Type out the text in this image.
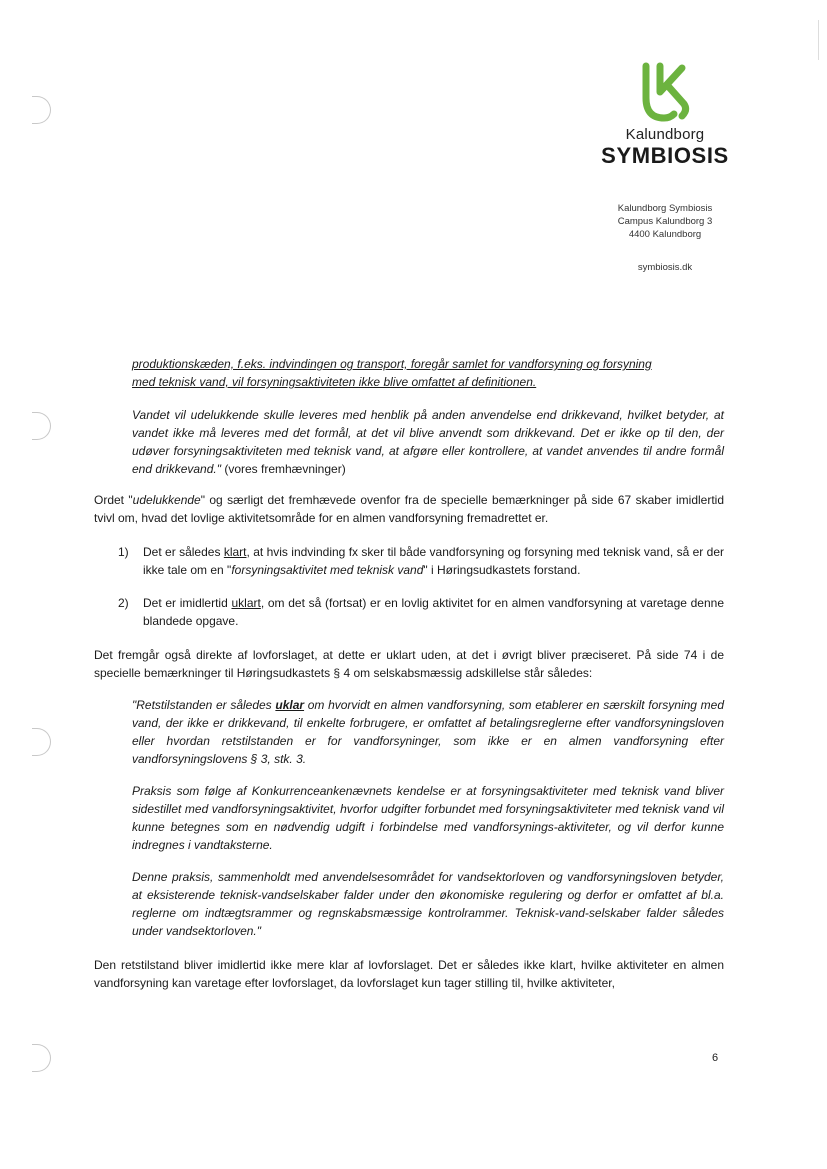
Kalundborg
SYMBIOSIS
Kalundborg Symbiosis
Campus Kalundborg 3
4400 Kalundborg
symbiosis.dk
produktionskæden, f.eks. indvindingen og transport, foregår samlet for vandforsyning og forsyning
med teknisk vand, vil forsyningsaktiviteten ikke blive omfattet af definitionen.
Vandet vil udelukkende skulle leveres med henblik på anden anvendelse end drikkevand, hvilket betyder, at vandet ikke må leveres med det formål, at det vil blive anvendt som drikkevand. Det er ikke op til den, der udøver forsyningsaktiviteten med teknisk vand, at afgøre eller kontrollere, at vandet anvendes til andre formål end drikkevand." (vores fremhævninger)
Ordet "udelukkende" og særligt det fremhævede ovenfor fra de specielle bemærkninger på side 67 skaber imidlertid tvivl om, hvad det lovlige aktivitetsområde for en almen vandforsyning fremadrettet er.
1) Det er således klart, at hvis indvinding fx sker til både vandforsyning og forsyning med teknisk vand, så er der ikke tale om en "forsyningsaktivitet med teknisk vand" i Høringsudkastets forstand.
2) Det er imidlertid uklart, om det så (fortsat) er en lovlig aktivitet for en almen vandforsyning at varetage denne blandede opgave.
Det fremgår også direkte af lovforslaget, at dette er uklart uden, at det i øvrigt bliver præciseret. På side 74 i de specielle bemærkninger til Høringsudkastets § 4 om selskabsmæssig adskillelse står således:
"Retstilstanden er således uklar om hvorvidt en almen vandforsyning, som etablerer en særskilt forsyning med vand, der ikke er drikkevand, til enkelte forbrugere, er omfattet af betalingsreglerne efter vandforsyningsloven eller hvordan retstilstanden er for vandforsyninger, som ikke er en almen vandforsyning efter vandforsyningslovens § 3, stk. 3.
Praksis som følge af Konkurrenceankenævnets kendelse er at forsyningsaktiviteter med teknisk vand bliver sidestillet med vandforsyningsaktivitet, hvorfor udgifter forbundet med forsyningsaktiviteter med teknisk vand vil kunne betegnes som en nødvendig udgift i forbindelse med vandforsynings-aktiviteter, og vil derfor kunne indregnes i vandtaksterne.
Denne praksis, sammenholdt med anvendelsesområdet for vandsektorloven og vandforsyningsloven betyder, at eksisterende teknisk-vandselskaber falder under den økonomiske regulering og derfor er omfattet af bl.a. reglerne om indtægtsrammer og regnskabsmæssige kontrolrammer. Teknisk-vand-selskaber falder således under vandsektorloven."
Den retstilstand bliver imidlertid ikke mere klar af lovforslaget. Det er således ikke klart, hvilke aktiviteter en almen vandforsyning kan varetage efter lovforslaget, da lovforslaget kun tager stilling til, hvilke aktiviteter,
6
